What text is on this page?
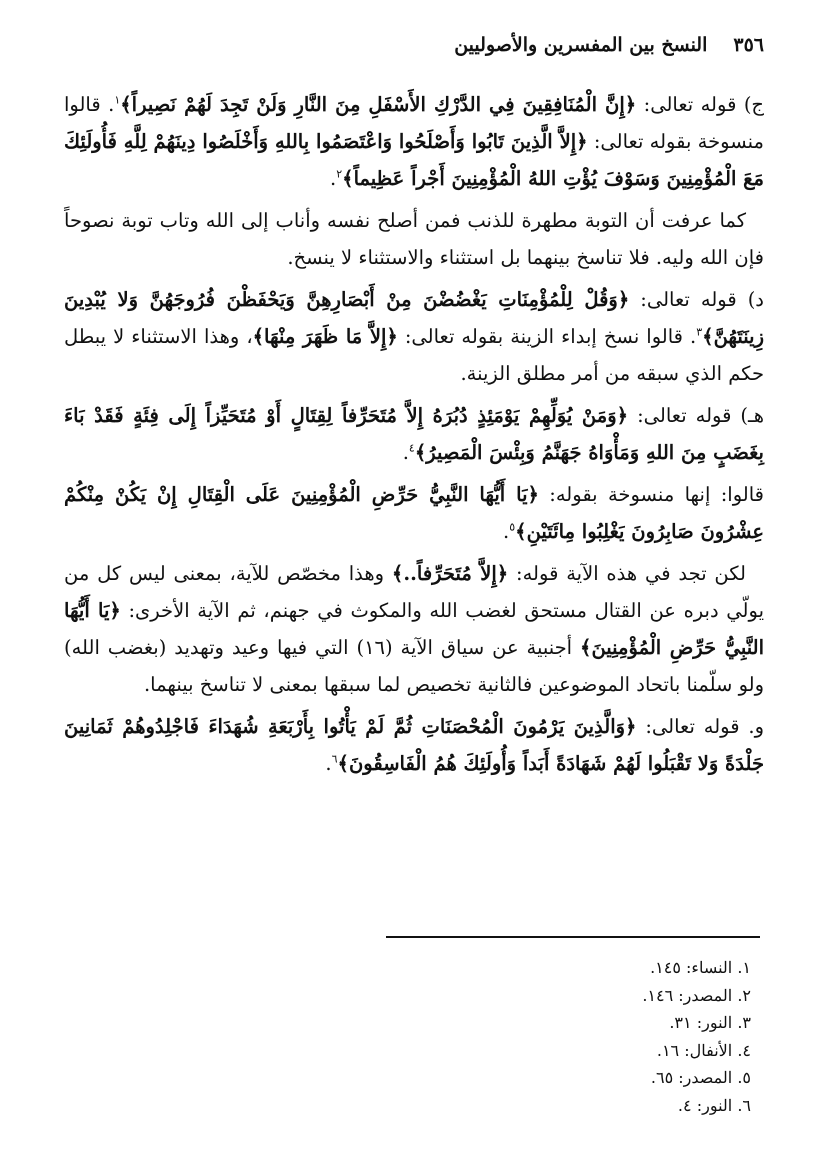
٣٥٦
النسخ بين المفسرين والأصوليين

ج) قوله تعالى: ﴿إِنَّ الْمُنَافِقِينَ فِي الدَّرْكِ الأَسْفَلِ مِنَ النَّارِ وَلَنْ تَجِدَ لَهُمْ نَصِيراً﴾$^١$. قالوا منسوخة بقوله تعالى: ﴿إِلاَّ الَّذِينَ تَابُوا وَأَصْلَحُوا وَاعْتَصَمُوا بِاللهِ وَأَخْلَصُوا دِينَهُمْ لِلَّهِ فَأُولَئِكَ مَعَ الْمُؤْمِنِينَ وَسَوْفَ يُؤْتِ اللهُ الْمُؤْمِنِينَ أَجْراً عَظِيماً﴾$^٢$.

كما عرفت أن التوبة مطهرة للذنب فمن أصلح نفسه وأناب إلى الله وتاب توبة نصوحاً فإن الله وليه. فلا تناسخ بينهما بل استثناء والاستثناء لا ينسخ.

د) قوله تعالى: ﴿وَقُلْ لِلْمُؤْمِنَاتِ يَغْضُضْنَ مِنْ أَبْصَارِهِنَّ وَيَحْفَظْنَ فُرُوجَهُنَّ وَلا يُبْدِينَ زِينَتَهُنَّ﴾$^٣$. قالوا نسخ إبداء الزينة بقوله تعالى: ﴿إِلاَّ مَا ظَهَرَ مِنْهَا﴾، وهذا الاستثناء لا يبطل حكم الذي سبقه من أمر مطلق الزينة.

هـ) قوله تعالى: ﴿وَمَنْ يُوَلِّهِمْ يَوْمَئِذٍ دُبُرَهُ إِلاَّ مُتَحَرِّفاً لِقِتَالٍ أَوْ مُتَحَيِّزاً إِلَى فِئَةٍ فَقَدْ بَاءَ بِغَضَبٍ مِنَ اللهِ وَمَأْوَاهُ جَهَنَّمُ وَبِئْسَ الْمَصِيرُ﴾$^٤$.

قالوا: إنها منسوخة بقوله: ﴿يَا أَيُّهَا النَّبِيُّ حَرِّضِ الْمُؤْمِنِينَ عَلَى الْقِتَالِ إِنْ يَكُنْ مِنْكُمْ عِشْرُونَ صَابِرُونَ يَغْلِبُوا مِائَتَيْنِ﴾$^٥$.

لكن تجد في هذه الآية قوله: ﴿إِلاَّ مُتَحَرِّفاً..﴾ وهذا مخصّص للآية، بمعنى ليس كل من يولّي دبره عن القتال مستحق لغضب الله والمكوث في جهنم، ثم الآية الأخرى: ﴿يَا أَيُّهَا النَّبِيُّ حَرِّضِ الْمُؤْمِنِينَ﴾ أجنبية عن سياق الآية (١٦) التي فيها وعيد وتهديد (بغضب الله) ولو سلّمنا باتحاد الموضوعين فالثانية تخصيص لما سبقها بمعنى لا تناسخ بينهما.

و. قوله تعالى: ﴿وَالَّذِينَ يَرْمُونَ الْمُحْصَنَاتِ ثُمَّ لَمْ يَأْتُوا بِأَرْبَعَةِ شُهَدَاءَ فَاجْلِدُوهُمْ ثَمَانِينَ جَلْدَةً وَلا تَقْبَلُوا لَهُمْ شَهَادَةً أَبَداً وَأُولَئِكَ هُمُ الْفَاسِقُونَ﴾$^٦$.

١. النساء: ١٤٥.
٢. المصدر: ١٤٦.
٣. النور: ٣١.
٤. الأنفال: ١٦.
٥. المصدر: ٦٥.
٦. النور: ٤.
